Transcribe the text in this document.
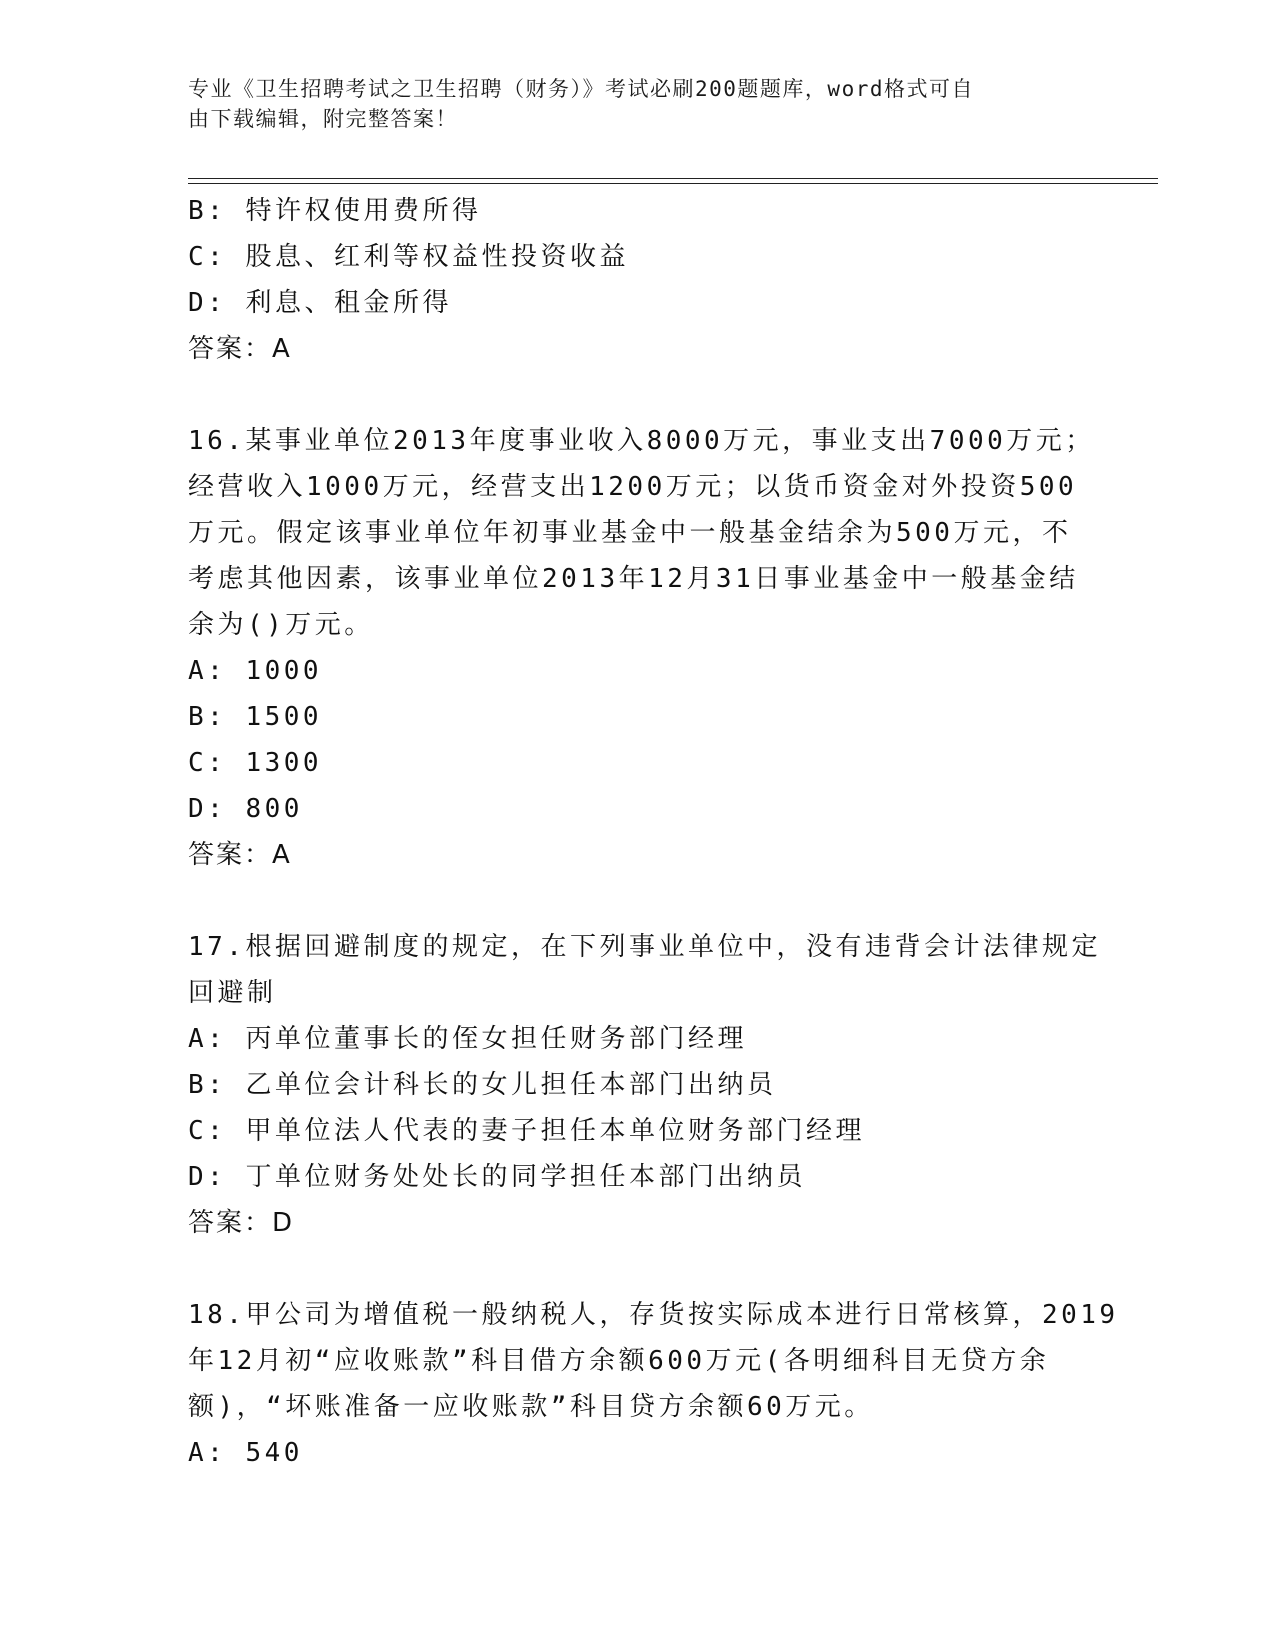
专业《卫生招聘考试之卫生招聘（财务）》考试必刷200题题库，word格式可自

由下载编辑，附完整答案！

B: 特许权使用费所得

C: 股息、红利等权益性投资收益

D: 利息、租金所得

答案：A

16.某事业单位2013年度事业收入8000万元，事业支出7000万元；

经营收入1000万元，经营支出1200万元；以货币资金对外投资500

万元。假定该事业单位年初事业基金中一般基金结余为500万元，不

考虑其他因素，该事业单位2013年12月31日事业基金中一般基金结

余为()万元。

A: 1000

B: 1500

C: 1300

D: 800

答案：A

17.根据回避制度的规定，在下列事业单位中，没有违背会计法律规定

回避制

A: 丙单位董事长的侄女担任财务部门经理

B: 乙单位会计科长的女儿担任本部门出纳员

C: 甲单位法人代表的妻子担任本单位财务部门经理

D: 丁单位财务处处长的同学担任本部门出纳员

答案：D

18.甲公司为增值税一般纳税人，存货按实际成本进行日常核算，2019

年12月初“应收账款”科目借方余额600万元(各明细科目无贷方余

额)，“坏账准备一应收账款”科目贷方余额60万元。

A: 540
